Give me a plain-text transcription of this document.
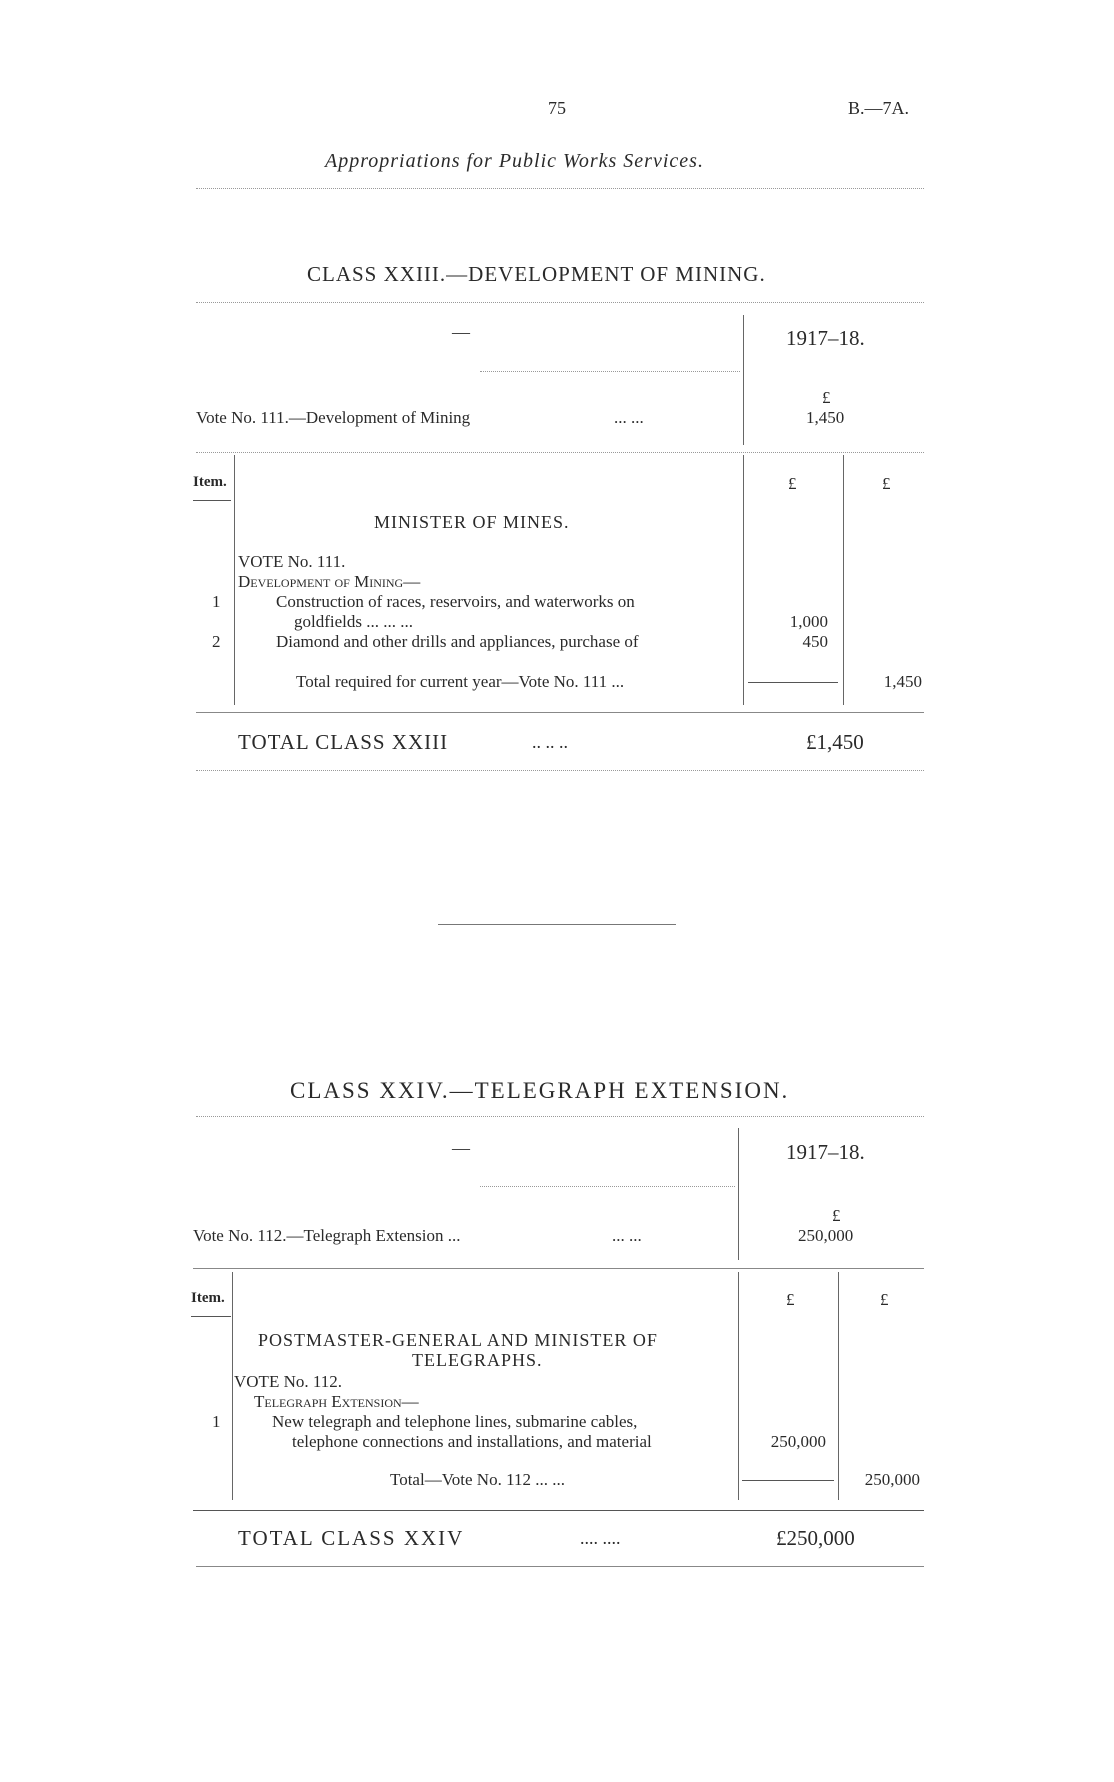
75	B.—7A.
Appropriations for Public Works Services.
CLASS XXIII.—DEVELOPMENT OF MINING.
—	1917–18.
£
Vote No. 111.—Development of Mining	... ...	1,450
Item.	£	£
MINISTER OF MINES.
VOTE No. 111.
Development of Mining—
1	Construction of races, reservoirs, and waterworks on
goldfields ... ... ...	1,000
2	Diamond and other drills and appliances, purchase of	450
Total required for current year—Vote No. 111 ...	1,450
TOTAL CLASS XXIII	.. .. ..	£1,450
CLASS XXIV.—TELEGRAPH EXTENSION.
—	1917–18.
£
Vote No. 112.—Telegraph Extension ...	... ...	250,000
Item.	£	£
POSTMASTER-GENERAL AND MINISTER OF
TELEGRAPHS.
VOTE No. 112.
Telegraph Extension—
1	New telegraph and telephone lines, submarine cables,
telephone connections and installations, and material	250,000
Total—Vote No. 112 ... ...	250,000
TOTAL CLASS XXIV	.... ....	£250,000
